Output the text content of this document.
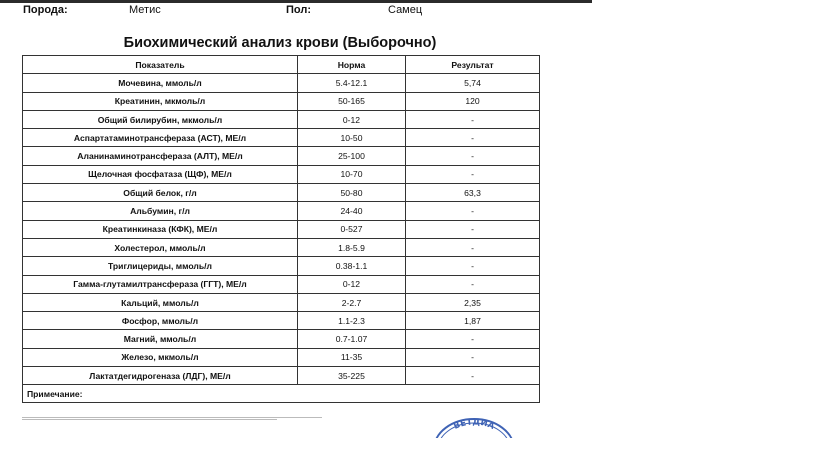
Порода:	Метис	Пол:	Самец
Биохимический анализ крови (Выборочно)
Показатель	Норма	Результат
Мочевина, ммоль/л	5.4-12.1	5,74
Креатинин, мкмоль/л	50-165	120
Общий билирубин, мкмоль/л	0-12	-
Аспартатаминотрансфераза (АСТ), МЕ/л	10-50	-
Аланинаминотрансфераза (АЛТ), МЕ/л	25-100	-
Щелочная фосфатаза (ЩФ), МЕ/л	10-70	-
Общий белок, г/л	50-80	63,3
Альбумин, г/л	24-40	-
Креатинкиназа (КФК), МЕ/л	0-527	-
Холестерол, ммоль/л	1.8-5.9	-
Триглицериды, ммоль/л	0.38-1.1	-
Гамма-глутамилтрансфераза (ГГТ), МЕ/л	0-12	-
Кальций, ммоль/л	2-2.7	2,35
Фосфор, ммоль/л	1.1-2.3	1,87
Магний, ммоль/л	0.7-1.07	-
Железо, мкмоль/л	11-35	-
Лактатдегидрогеназа (ЛДГ), МЕ/л	35-225	-
Примечание:		
ВЕТДИА
